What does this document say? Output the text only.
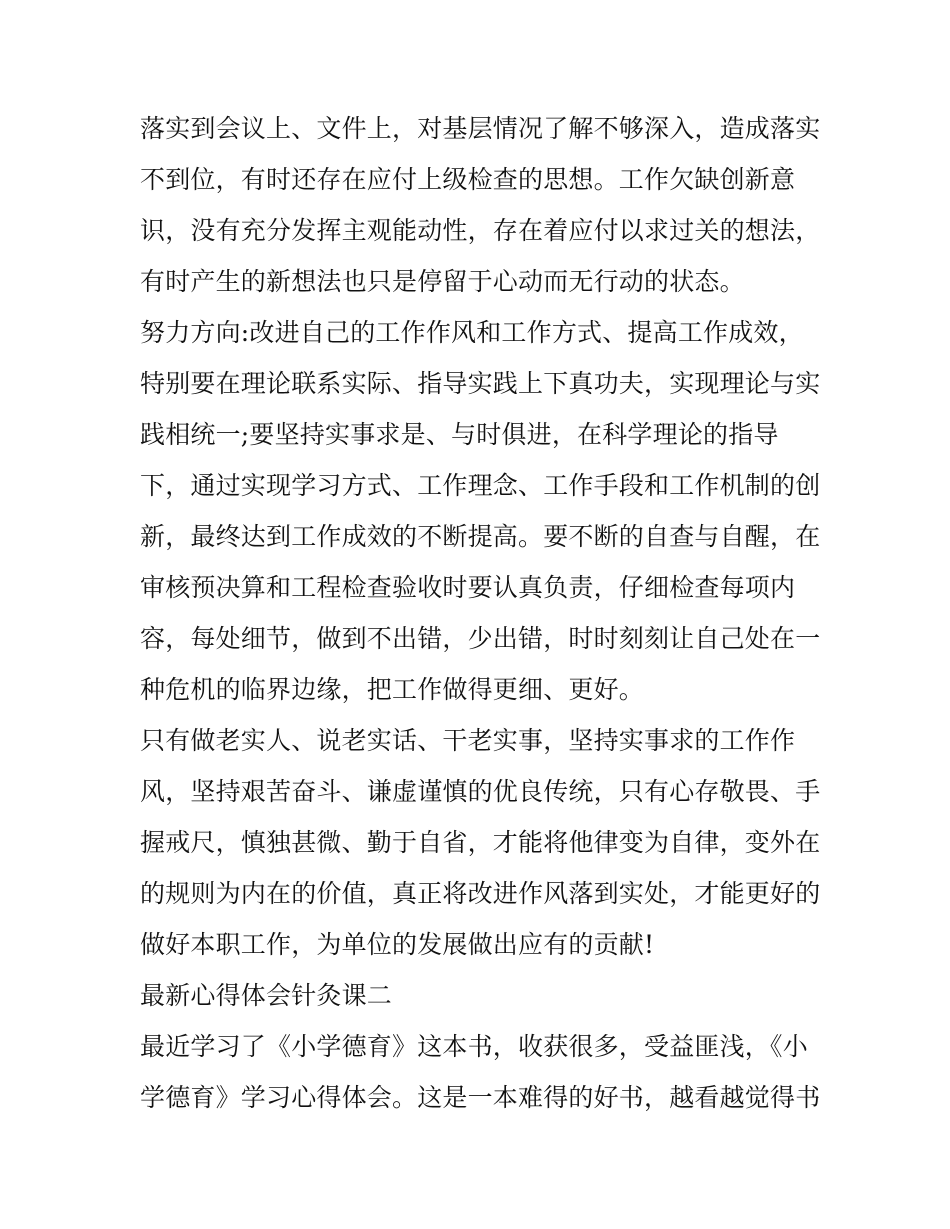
落实到会议上、文件上，对基层情况了解不够深入，造成落实
不到位，有时还存在应付上级检查的思想。工作欠缺创新意
识，没有充分发挥主观能动性，存在着应付以求过关的想法，
有时产生的新想法也只是停留于心动而无行动的状态。
努力方向:改进自己的工作作风和工作方式、提高工作成效，
特别要在理论联系实际、指导实践上下真功夫，实现理论与实
践相统一;要坚持实事求是、与时俱进，在科学理论的指导
下，通过实现学习方式、工作理念、工作手段和工作机制的创
新，最终达到工作成效的不断提高。要不断的自查与自醒，在
审核预决算和工程检查验收时要认真负责，仔细检查每项内
容，每处细节，做到不出错，少出错，时时刻刻让自己处在一
种危机的临界边缘，把工作做得更细、更好。
只有做老实人、说老实话、干老实事，坚持实事求的工作作
风，坚持艰苦奋斗、谦虚谨慎的优良传统，只有心存敬畏、手
握戒尺，慎独甚微、勤于自省，才能将他律变为自律，变外在
的规则为内在的价值，真正将改进作风落到实处，才能更好的
做好本职工作，为单位的发展做出应有的贡献!
最新心得体会针灸课二
最近学习了《小学德育》这本书，收获很多，受益匪浅，《小
学德育》学习心得体会。这是一本难得的好书，越看越觉得书
